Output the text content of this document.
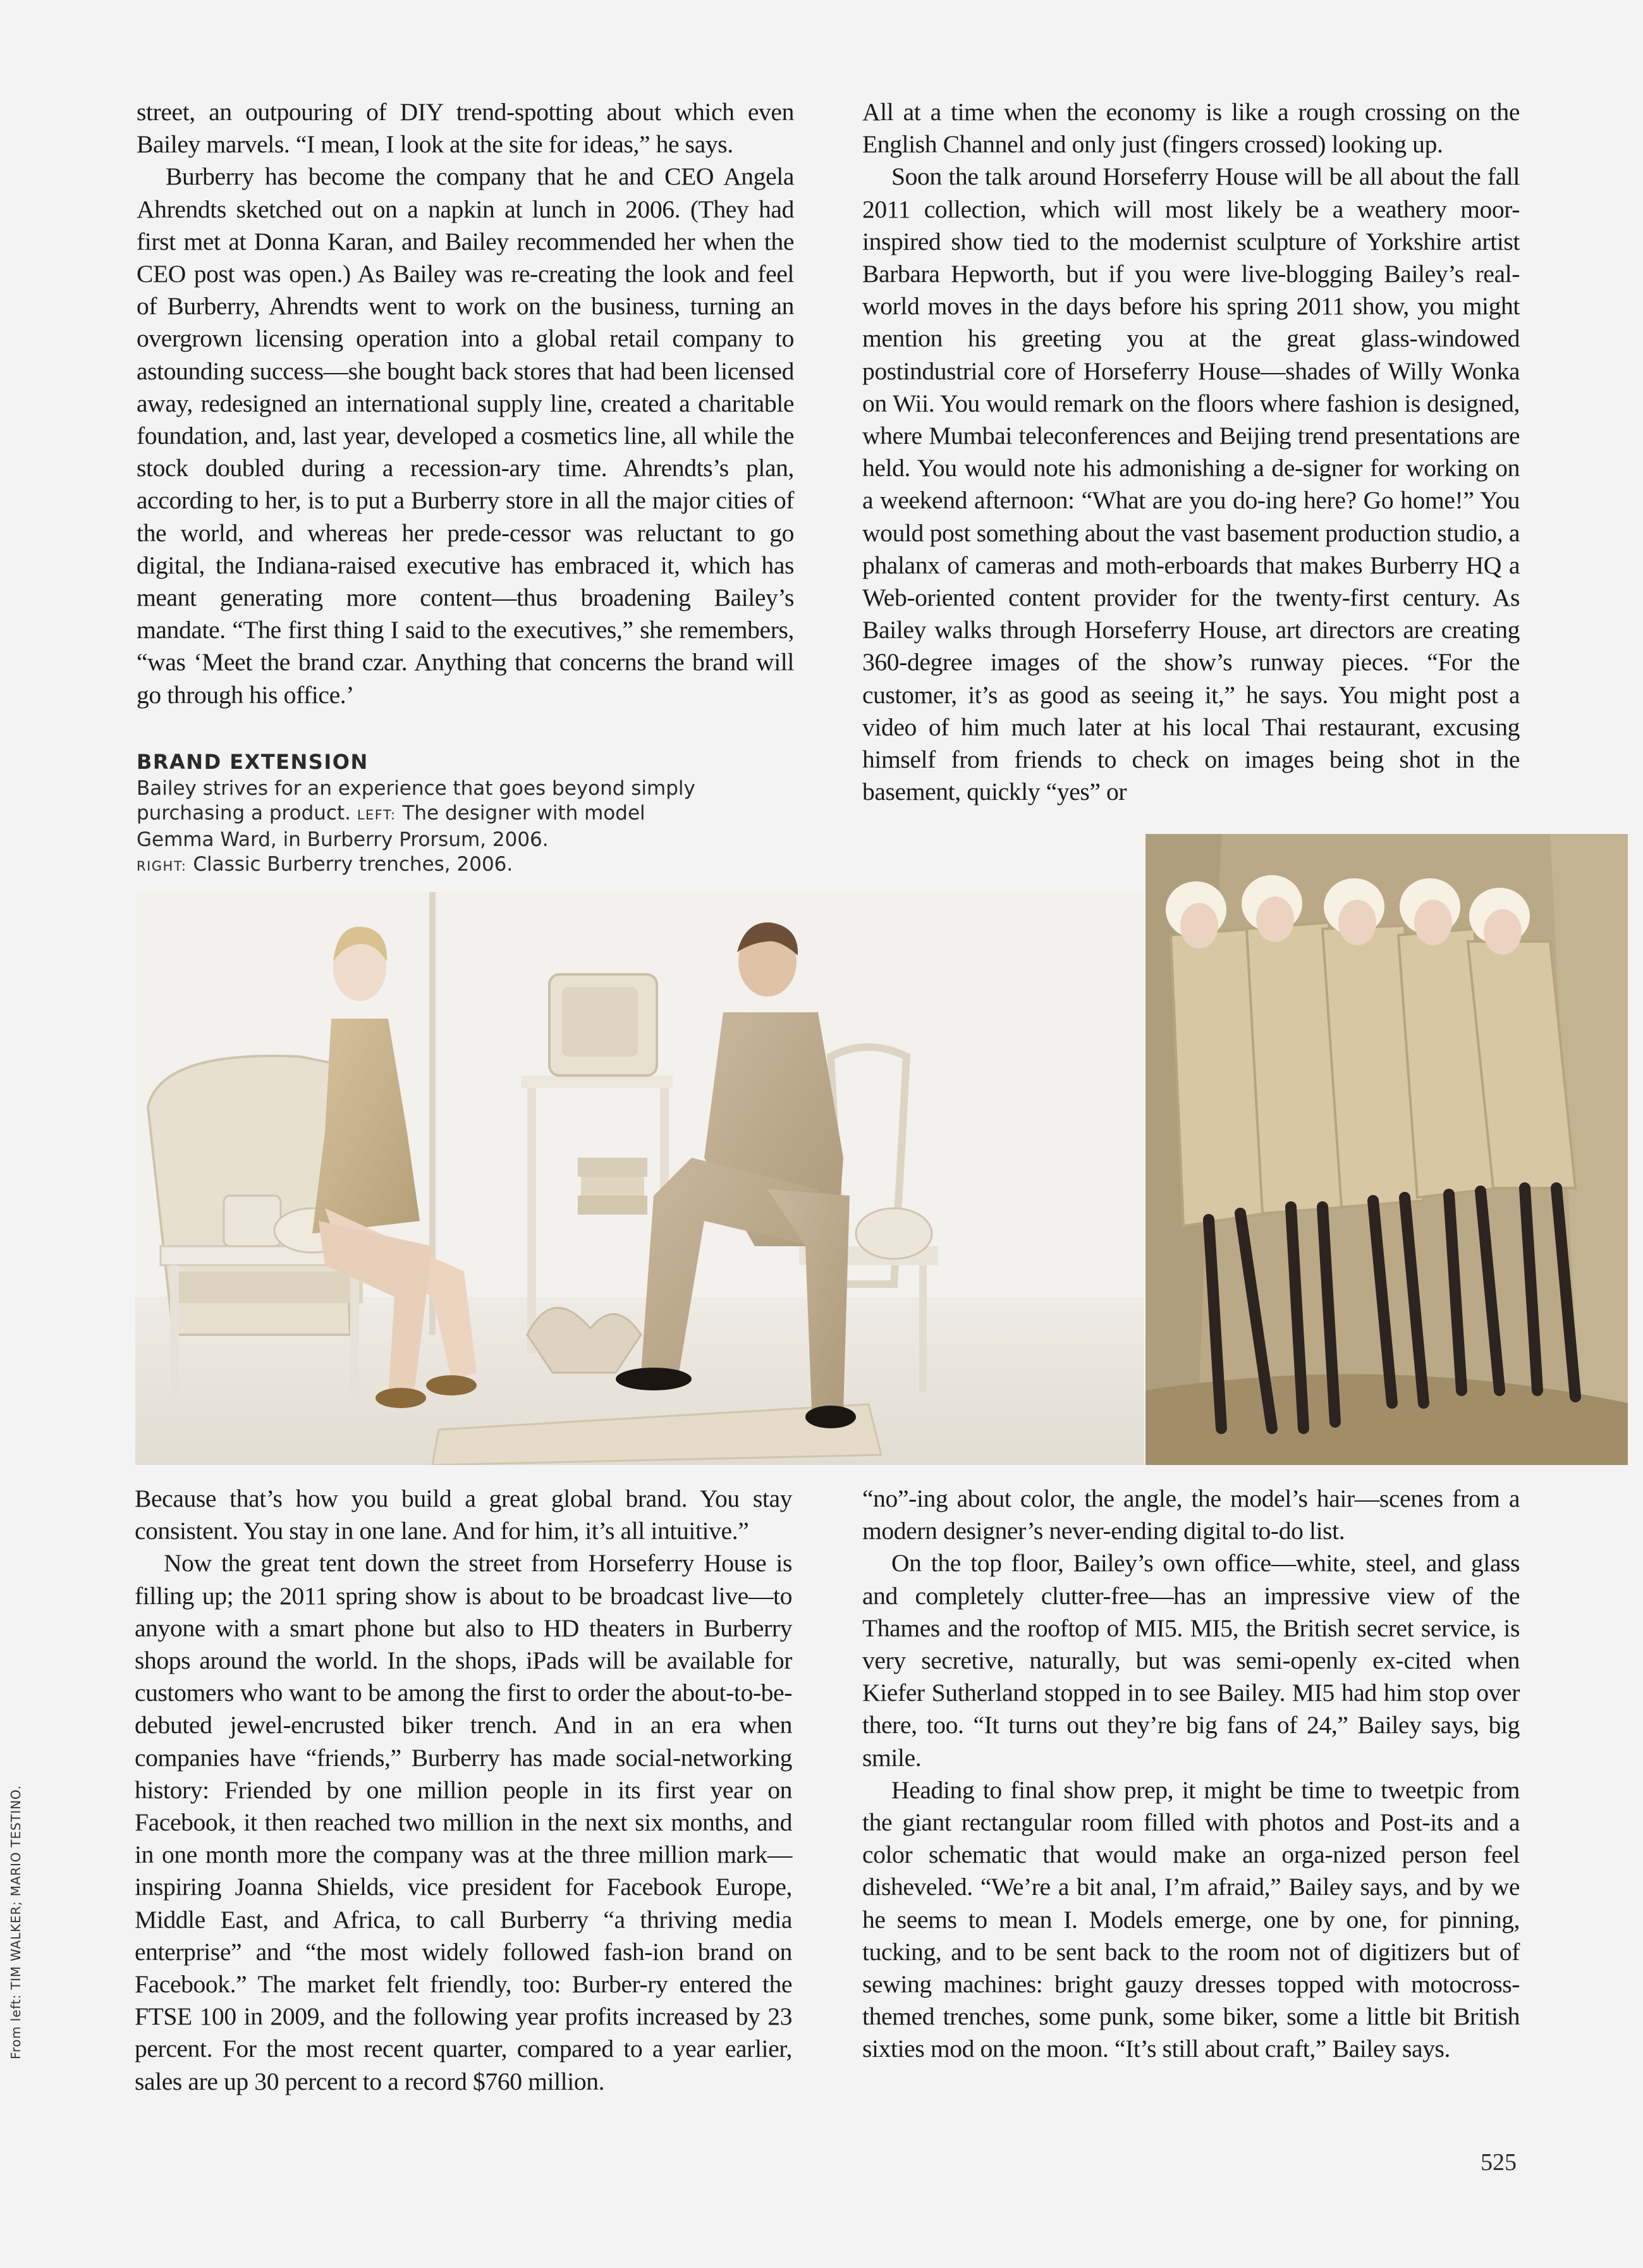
street, an outpouring of DIY trend-spotting about which even Bailey marvels. “I mean, I look at the site for ideas,” he says.

Burberry has become the company that he and CEO Angela Ahrendts sketched out on a napkin at lunch in 2006. (They had first met at Donna Karan, and Bailey recommended her when the CEO post was open.) As Bailey was re-creating the look and feel of Burberry, Ahrendts went to work on the business, turning an overgrown licensing operation into a global retail company to astounding success—she bought back stores that had been licensed away, redesigned an international supply line, created a charitable foundation, and, last year, developed a cosmetics line, all while the stock doubled during a recession-ary time. Ahrendts’s plan, according to her, is to put a Burberry store in all the major cities of the world, and whereas her prede-cessor was reluctant to go digital, the Indiana-raised executive has embraced it, which has meant generating more content—thus broadening Bailey’s mandate. “The first thing I said to the executives,” she remembers, “was ‘Meet the brand czar. Anything that concerns the brand will go through his office.’

All at a time when the economy is like a rough crossing on the English Channel and only just (fingers crossed) looking up.

Soon the talk around Horseferry House will be all about the fall 2011 collection, which will most likely be a weathery moor-inspired show tied to the modernist sculpture of Yorkshire artist Barbara Hepworth, but if you were live-blogging Bailey’s real-world moves in the days before his spring 2011 show, you might mention his greeting you at the great glass-windowed postindustrial core of Horseferry House—shades of Willy Wonka on Wii. You would remark on the floors where fashion is designed, where Mumbai teleconferences and Beijing trend presentations are held. You would note his admonishing a de-signer for working on a weekend afternoon: “What are you do-ing here? Go home!” You would post something about the vast basement production studio, a phalanx of cameras and moth-erboards that makes Burberry HQ a Web-oriented content provider for the twenty-first century. As Bailey walks through Horseferry House, art directors are creating 360-degree images of the show’s runway pieces. “For the customer, it’s as good as seeing it,” he says. You might post a video of him much later at his local Thai restaurant, excusing himself from friends to check on images being shot in the basement, quickly “yes” or

BRAND EXTENSION
Bailey strives for an experience that goes beyond simply purchasing a product. LEFT: The designer with model Gemma Ward, in Burberry Prorsum, 2006.
RIGHT: Classic Burberry trenches, 2006.

Because that’s how you build a great global brand. You stay consistent. You stay in one lane. And for him, it’s all intuitive.”

Now the great tent down the street from Horseferry House is filling up; the 2011 spring show is about to be broadcast live—to anyone with a smart phone but also to HD theaters in Burberry shops around the world. In the shops, iPads will be available for customers who want to be among the first to order the about-to-be-debuted jewel-encrusted biker trench. And in an era when companies have “friends,” Burberry has made social-networking history: Friended by one million people in its first year on Facebook, it then reached two million in the next six months, and in one month more the company was at the three million mark—inspiring Joanna Shields, vice president for Facebook Europe, Middle East, and Africa, to call Burberry “a thriving media enterprise” and “the most widely followed fash-ion brand on Facebook.” The market felt friendly, too: Burber-ry entered the FTSE 100 in 2009, and the following year profits increased by 23 percent. For the most recent quarter, compared to a year earlier, sales are up 30 percent to a record $760 million.

“no”-ing about color, the angle, the model’s hair—scenes from a modern designer’s never-ending digital to-do list.

On the top floor, Bailey’s own office—white, steel, and glass and completely clutter-free—has an impressive view of the Thames and the rooftop of MI5. MI5, the British secret service, is very secretive, naturally, but was semi-openly ex-cited when Kiefer Sutherland stopped in to see Bailey. MI5 had him stop over there, too. “It turns out they’re big fans of 24,” Bailey says, big smile.

Heading to final show prep, it might be time to tweetpic from the giant rectangular room filled with photos and Post-its and a color schematic that would make an orga-nized person feel disheveled. “We’re a bit anal, I’m afraid,” Bailey says, and by we he seems to mean I. Models emerge, one by one, for pinning, tucking, and to be sent back to the room not of digitizers but of sewing machines: bright gauzy dresses topped with motocross-themed trenches, some punk, some biker, some a little bit British sixties mod on the moon. “It’s still about craft,” Bailey says.

From left: TIM WALKER; MARIO TESTINO.
525
